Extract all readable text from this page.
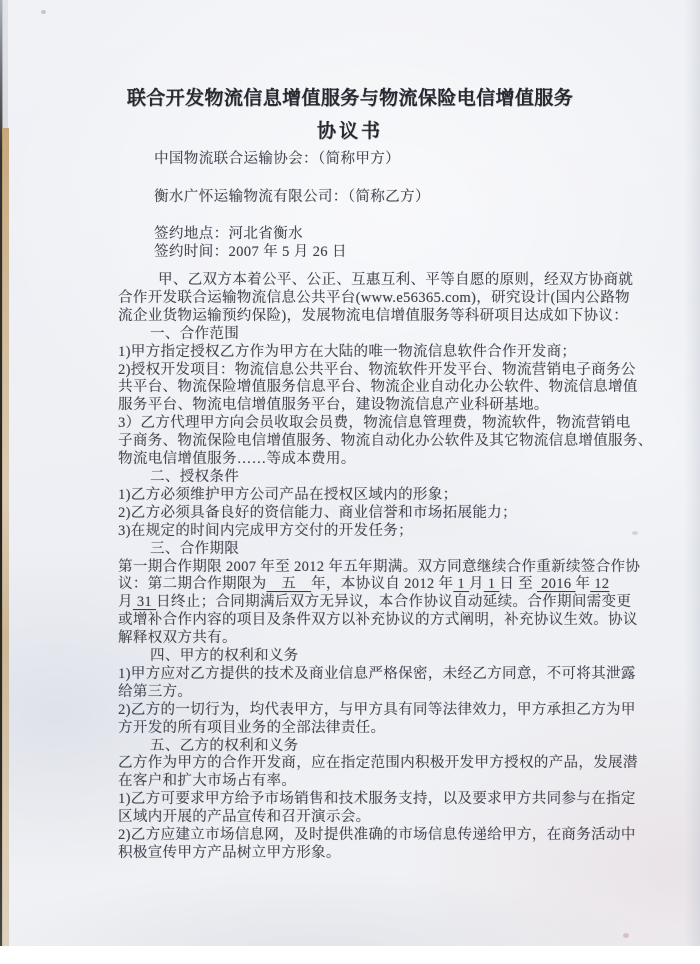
联合开发物流信息增值服务与物流保险电信增值服务
协议书
中国物流联合运输协会：（简称甲方）
衡水广怀运输物流有限公司：（简称乙方）
签约地点：河北省衡水
签约时间：2007 年 5 月 26 日
甲、乙双方本着公平、公正、互惠互利、平等自愿的原则，经双方协商就
合作开发联合运输物流信息公共平台(www.e56365.com)，研究设计(国内公路物
流企业货物运输预约保险)，发展物流电信增值服务等科研项目达成如下协议：
一、合作范围
1)甲方指定授权乙方作为甲方在大陆的唯一物流信息软件合作开发商；
2)授权开发项目：物流信息公共平台、物流软件开发平台、物流营销电子商务公
共平台、物流保险增值服务信息平台、物流企业自动化办公软件、物流信息增值
服务平台、物流电信增值服务平台，建设物流信息产业科研基地。
3）乙方代理甲方向会员收取会员费，物流信息管理费，物流软件，物流营销电
子商务、物流保险电信增值服务、物流自动化办公软件及其它物流信息增值服务、
物流电信增值服务……等成本费用。
二、授权条件
1)乙方必须维护甲方公司产品在授权区域内的形象；
2)乙方必须具备良好的资信能力、商业信誉和市场拓展能力；
3)在规定的时间内完成甲方交付的开发任务；
三、合作期限
第一期合作期限 2007 年至 2012 年五年期满。双方同意继续合作重新续签合作协
议：第二期合作期限为　五　年，本协议自 2012 年 1 月 1 日 至  2016 年 12
月 31 日终止；合同期满后双方无异议，本合作协议自动延续。合作期间需变更
或增补合作内容的项目及条件双方以补充协议的方式阐明，补充协议生效。协议
解释权双方共有。
四、甲方的权利和义务
1)甲方应对乙方提供的技术及商业信息严格保密，未经乙方同意，不可将其泄露
给第三方。
2)乙方的一切行为，均代表甲方，与甲方具有同等法律效力，甲方承担乙方为甲
方开发的所有项目业务的全部法律责任。
五、乙方的权利和义务
乙方作为甲方的合作开发商，应在指定范围内积极开发甲方授权的产品，发展潜
在客户和扩大市场占有率。
1)乙方可要求甲方给予市场销售和技术服务支持，以及要求甲方共同参与在指定
区域内开展的产品宣传和召开演示会。
2)乙方应建立市场信息网，及时提供准确的市场信息传递给甲方，在商务活动中
积极宣传甲方产品树立甲方形象。
